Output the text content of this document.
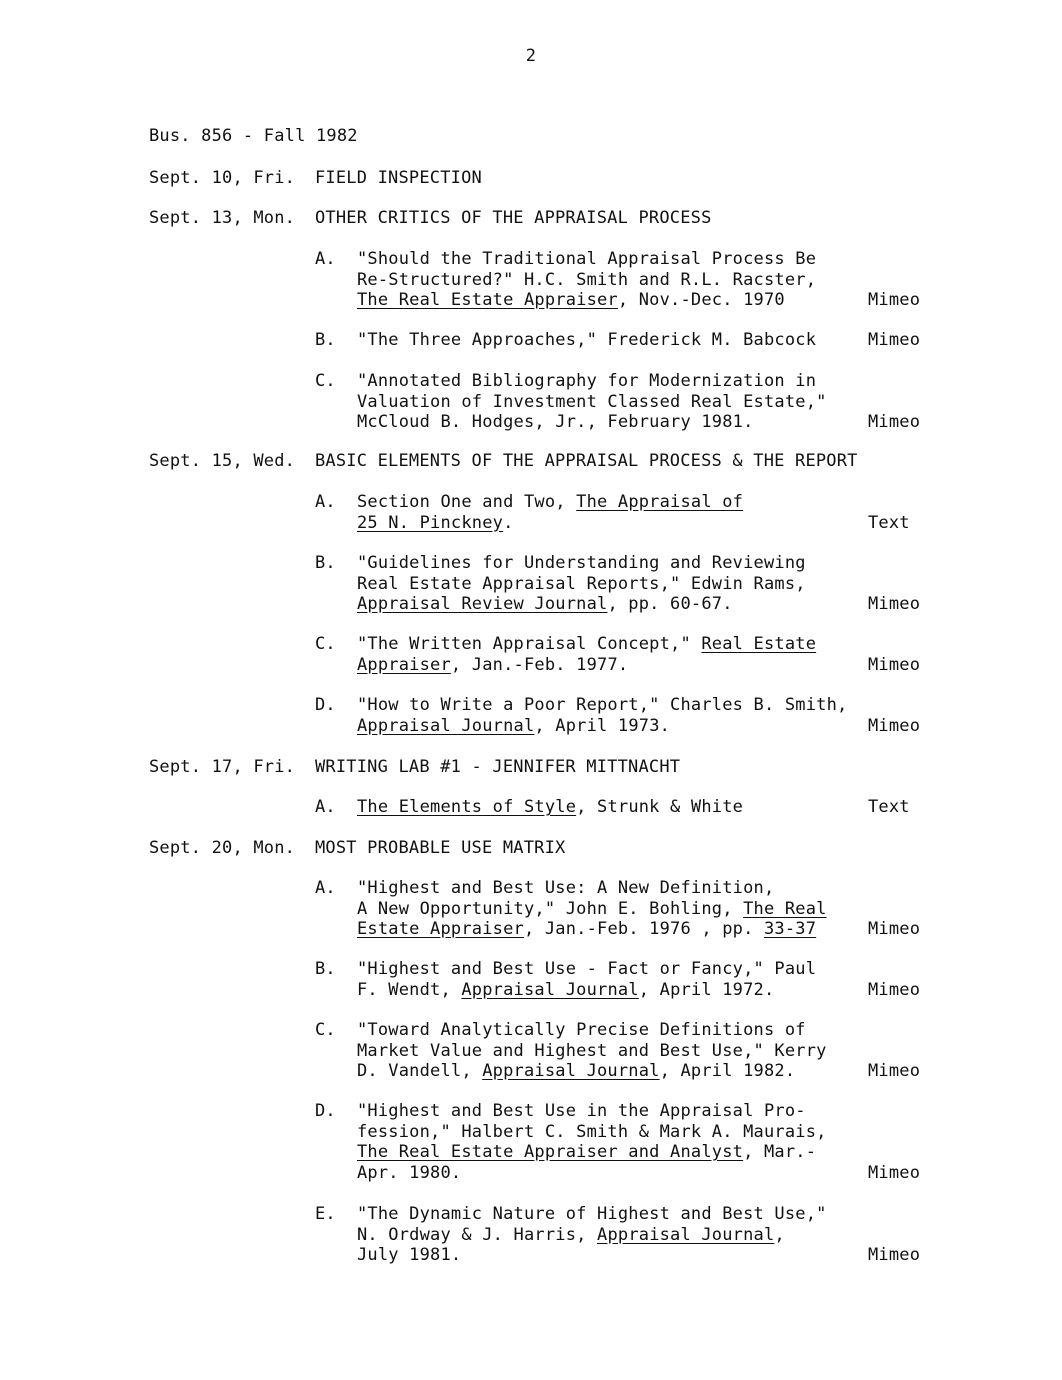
2
Bus. 856 - Fall 1982
Sept. 10, Fri. FIELD INSPECTION
Sept. 13, Mon. OTHER CRITICS OF THE APPRAISAL PROCESS
A. "Should the Traditional Appraisal Process Be
Re-Structured?" H.C. Smith and R.L. Racster,
The Real Estate Appraiser, Nov.-Dec. 1970	Mimeo
B. "The Three Approaches," Frederick M. Babcock	Mimeo
C. "Annotated Bibliography for Modernization in
Valuation of Investment Classed Real Estate,"
McCloud B. Hodges, Jr., February 1981.	Mimeo
Sept. 15, Wed. BASIC ELEMENTS OF THE APPRAISAL PROCESS & THE REPORT
A. Section One and Two, The Appraisal of
25 N. Pinckney.	Text
B. "Guidelines for Understanding and Reviewing
Real Estate Appraisal Reports," Edwin Rams,
Appraisal Review Journal, pp. 60-67.	Mimeo
C. "The Written Appraisal Concept," Real Estate
Appraiser, Jan.-Feb. 1977.	Mimeo
D. "How to Write a Poor Report," Charles B. Smith,
Appraisal Journal, April 1973.	Mimeo
Sept. 17, Fri. WRITING LAB #1 - JENNIFER MITTNACHT
A. The Elements of Style, Strunk & White	Text
Sept. 20, Mon. MOST PROBABLE USE MATRIX
A. "Highest and Best Use: A New Definition,
A New Opportunity," John E. Bohling, The Real
Estate Appraiser, Jan.-Feb. 1976 , pp. 33-37	Mimeo
B. "Highest and Best Use - Fact or Fancy," Paul
F. Wendt, Appraisal Journal, April 1972.	Mimeo
C. "Toward Analytically Precise Definitions of
Market Value and Highest and Best Use," Kerry
D. Vandell, Appraisal Journal, April 1982.	Mimeo
D. "Highest and Best Use in the Appraisal Pro-
fession," Halbert C. Smith & Mark A. Maurais,
The Real Estate Appraiser and Analyst, Mar.-
Apr. 1980.	Mimeo
E. "The Dynamic Nature of Highest and Best Use,"
N. Ordway & J. Harris, Appraisal Journal,
July 1981.	Mimeo
